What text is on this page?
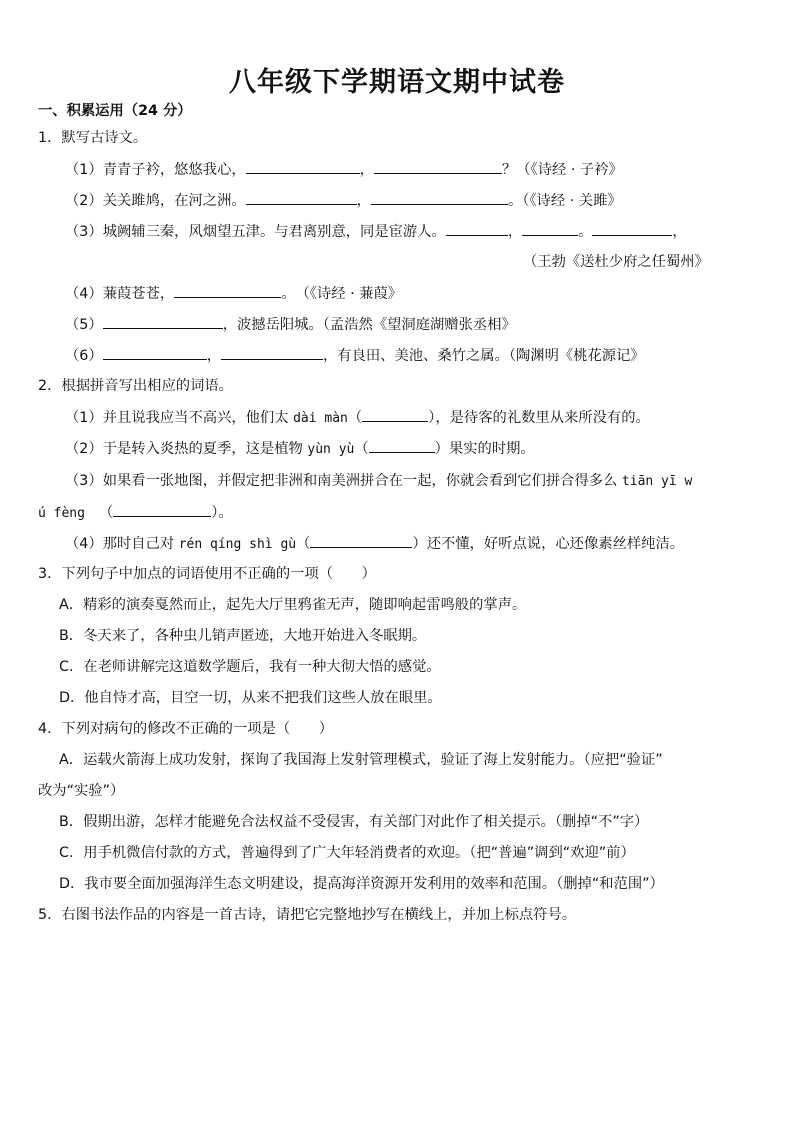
八年级下学期语文期中试卷
一、积累运用（24 分）
1．默写古诗文。
（1）青青子衿，悠悠我心，	，	？（《诗经 · 子衿》
（2）关关雎鸠，在河之洲。	，	。（《诗经 · 关雎》
（3）城阙辅三秦，风烟望五津。与君离别意，同是宦游人。	，	。	，
（王勃《送杜少府之任蜀州》
（4）蒹葭苍苍，	。　（《诗经 · 蒹葭》
（5）	，波撼岳阳城。（孟浩然《望洞庭湖赠张丞相》
（6）	，	，有良田、美池、桑竹之属。（陶渊明《桃花源记》
2．根据拼音写出相应的词语。
（1）并且说我应当不高兴，他们太 dài màn（	），是待客的礼数里从来所没有的。
（2）于是转入炎热的夏季，这是植物 yùn yù（	）果实的时期。
（3）如果看一张地图，并假定把非洲和南美洲拼合在一起，你就会看到它们拼合得多么 tiān yī w
ú fèng （	）。
（4）那时自己对 rén qíng shì gù（	）还不懂，好听点说，心还像素丝样纯洁。
3．下列句子中加点的词语使用不正确的一项（　　）
A．精彩的演奏戛然而止，起先大厅里鸦雀无声，随即响起雷鸣般的掌声。
B．冬天来了，各种虫儿销声匿迹，大地开始进入冬眠期。
C．在老师讲解完这道数学题后，我有一种大彻大悟的感觉。
D．他自恃才高，目空一切，从来不把我们这些人放在眼里。
4．下列对病句的修改不正确的一项是（　　）
A．运载火箭海上成功发射，探询了我国海上发射管理模式，验证了海上发射能力。（应把“验证”
改为“实验”）
B．假期出游，怎样才能避免合法权益不受侵害，有关部门对此作了相关提示。（删掉“不”字）
C．用手机微信付款的方式，普遍得到了广大年轻消费者的欢迎。（把“普遍”调到“欢迎”前）
D．我市要全面加强海洋生态文明建设，提高海洋资源开发利用的效率和范围。（删掉“和范围”）
5．右图书法作品的内容是一首古诗，请把它完整地抄写在横线上，并加上标点符号。
